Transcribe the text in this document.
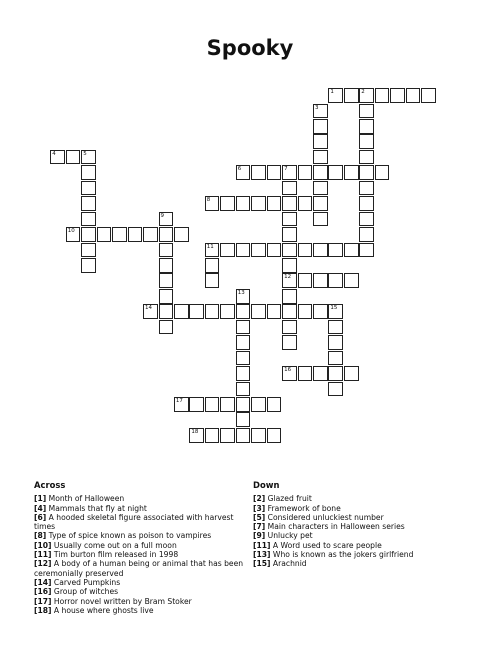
Spooky
1	2
3
4	5
6	7
12
8
9
10
11
13
14	15
16
17
18
Across
[1] Month of Halloween
[4] Mammals that fly at night
[6] A hooded skeletal figure associated with harvest times
[8] Type of spice known as poison to vampires
[10] Usually come out on a full moon
[11] Tim burton film released in 1998
[12] A body of a human being or animal that has been ceremonially preserved
[14] Carved Pumpkins
[16] Group of witches
[17] Horror novel written by Bram Stoker
[18] A house where ghosts live
Down
[2] Glazed fruit
[3] Framework of bone
[5] Considered unluckiest number
[7] Main characters in Halloween series
[9] Unlucky pet
[11] A Word used to scare people
[13] Who is known as the jokers girlfriend
[15] Arachnid
